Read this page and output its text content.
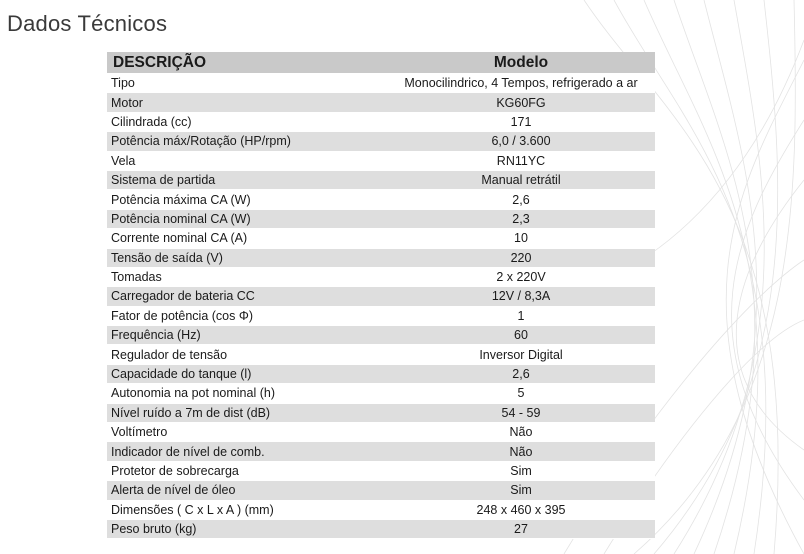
Dados Técnicos
DESCRIÇÃO	Modelo
Tipo	Monocilindrico, 4 Tempos, refrigerado a ar
Motor	KG60FG
Cilindrada (cc)	171
Potência máx/Rotação (HP/rpm)	6,0 / 3.600
Vela	RN11YC
Sistema de partida	Manual retrátil
Potência máxima CA (W)	2,6
Potência nominal CA (W)	2,3
Corrente nominal CA (A)	10
Tensão de saída (V)	220
Tomadas	2 x 220V
Carregador de bateria CC	12V / 8,3A
Fator de potência (cos Φ)	1
Frequência (Hz)	60
Regulador de tensão	Inversor Digital
Capacidade do tanque (l)	2,6
Autonomia na pot nominal (h)	5
Nível ruído a 7m de dist (dB)	54 - 59
Voltímetro	Não
Indicador de nível de comb.	Não
Protetor de sobrecarga	Sim
Alerta de nível de óleo	Sim
Dimensões ( C x L x A ) (mm)	248 x 460 x 395
Peso bruto (kg)	27
